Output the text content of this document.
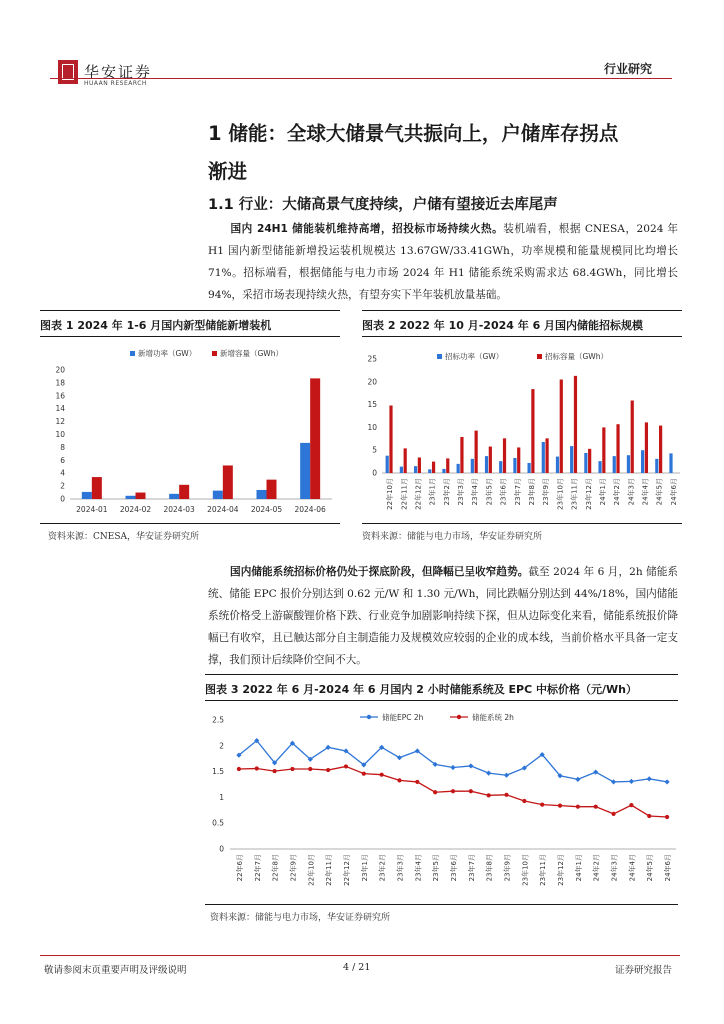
华安证券
HUAAN RESEARCH
行业研究
1 储能：全球大储景气共振向上，户储库存拐点
渐进
1.1 行业：大储高景气度持续，户储有望接近去库尾声
国内 24H1 储能装机维持高增，招投标市场持续火热。装机端看，根据 CNESA，2024 年 H1 国内新型储能新增投运装机规模达 13.67GW/33.41GWh，功率规模和能量规模同比均增长 71%。招标端看，根据储能与电力市场 2024 年 H1 储能系统采购需求达 68.4GWh，同比增长 94%，采招市场表现持续火热，有望夯实下半年装机放量基础。
图表 1 2024 年 1-6 月国内新型储能新增装机	图表 2 2022 年 10 月-2024 年 6 月国内储能招标规模
0
2
4
6
8
10
12
14
16
18
20
2024-01 2024-02 2024-03 2024-04 2024-05 2024-06
新增功率（GW）	新增容量（GWh）
0
5
10
15
20
25
22年10月 22年11月 22年12月 23年1月 23年2月 23年3月 23年4月 23年5月 23年6月 23年7月 23年8月 23年9月 23年10月 23年11月 23年12月 24年1月 24年2月 24年3月 24年4月 24年5月 24年6月
招标功率（GW）	招标容量（GWh）
资料来源：CNESA，华安证券研究所	资料来源：储能与电力市场，华安证券研究所
国内储能系统招标价格仍处于探底阶段，但降幅已呈收窄趋势。截至 2024 年 6 月，2h 储能系统、储能 EPC 报价分别达到 0.62 元/W 和 1.30 元/Wh，同比跌幅分别达到 44%/18%，国内储能系统价格受上游碳酸锂价格下跌、行业竞争加剧影响持续下探，但从边际变化来看，储能系统报价降幅已有收窄，且已触达部分自主制造能力及规模效应较弱的企业的成本线，当前价格水平具备一定支撑，我们预计后续降价空间不大。
图表 3 2022 年 6 月-2024 年 6 月国内 2 小时储能系统及 EPC 中标价格（元/Wh）
0
0.5
1
1.5
2
2.5
22年6月 22年7月 22年8月 22年9月 22年10月 22年11月 22年12月 23年1月 23年2月 23年3月 23年4月 23年5月 23年6月 23年7月 23年8月 23年9月 23年10月 23年11月 23年12月 24年1月 24年2月 24年3月 24年4月 24年5月 24年6月
储能EPC 2h	储能系统 2h
资料来源：储能与电力市场，华安证券研究所
敬请参阅末页重要声明及评级说明	4 / 21	证券研究报告
